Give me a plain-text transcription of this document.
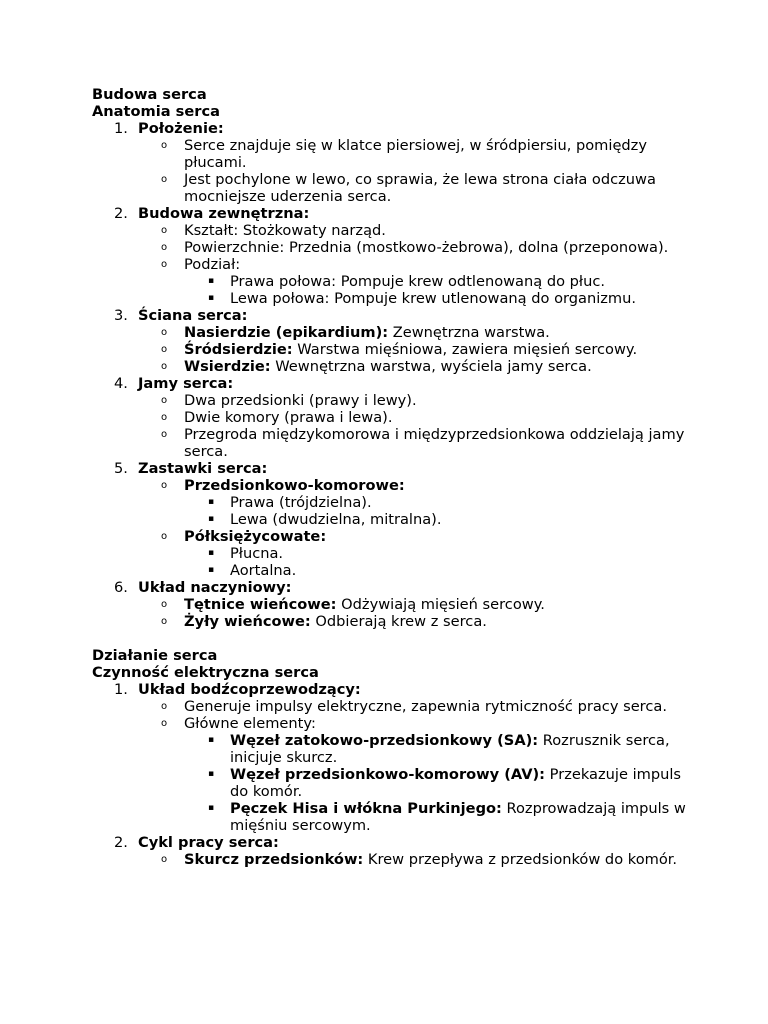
Budowa serca
Anatomia serca
1. Położenie:
o Serce znajduje się w klatce piersiowej, w śródpiersiu, pomiędzy płucami.
o Jest pochylone w lewo, co sprawia, że lewa strona ciała odczuwa mocniejsze uderzenia serca.
2. Budowa zewnętrzna:
o Kształt: Stożkowaty narząd.
o Powierzchnie: Przednia (mostkowo-żebrowa), dolna (przeponowa).
o Podział:
▪ Prawa połowa: Pompuje krew odtlenowaną do płuc.
▪ Lewa połowa: Pompuje krew utlenowaną do organizmu.
3. Ściana serca:
o Nasierdzie (epikardium): Zewnętrzna warstwa.
o Śródsierdzie: Warstwa mięśniowa, zawiera mięsień sercowy.
o Wsierdzie: Wewnętrzna warstwa, wyściela jamy serca.
4. Jamy serca:
o Dwa przedsionki (prawy i lewy).
o Dwie komory (prawa i lewa).
o Przegroda międzykomorowa i międzyprzedsionkowa oddzielają jamy serca.
5. Zastawki serca:
o Przedsionkowo-komorowe:
▪ Prawa (trójdzielna).
▪ Lewa (dwudzielna, mitralna).
o Półksiężycowate:
▪ Płucna.
▪ Aortalna.
6. Układ naczyniowy:
o Tętnice wieńcowe: Odżywiają mięsień sercowy.
o Żyły wieńcowe: Odbierają krew z serca.
Działanie serca
Czynność elektryczna serca
1. Układ bodźcoprzewodzący:
o Generuje impulsy elektryczne, zapewnia rytmiczność pracy serca.
o Główne elementy:
▪ Węzeł zatokowo-przedsionkowy (SA): Rozrusznik serca, inicjuje skurcz.
▪ Węzeł przedsionkowo-komorowy (AV): Przekazuje impuls do komór.
▪ Pęczek Hisa i włókna Purkinjego: Rozprowadzają impuls w mięśniu sercowym.
2. Cykl pracy serca:
o Skurcz przedsionków: Krew przepływa z przedsionków do komór.
